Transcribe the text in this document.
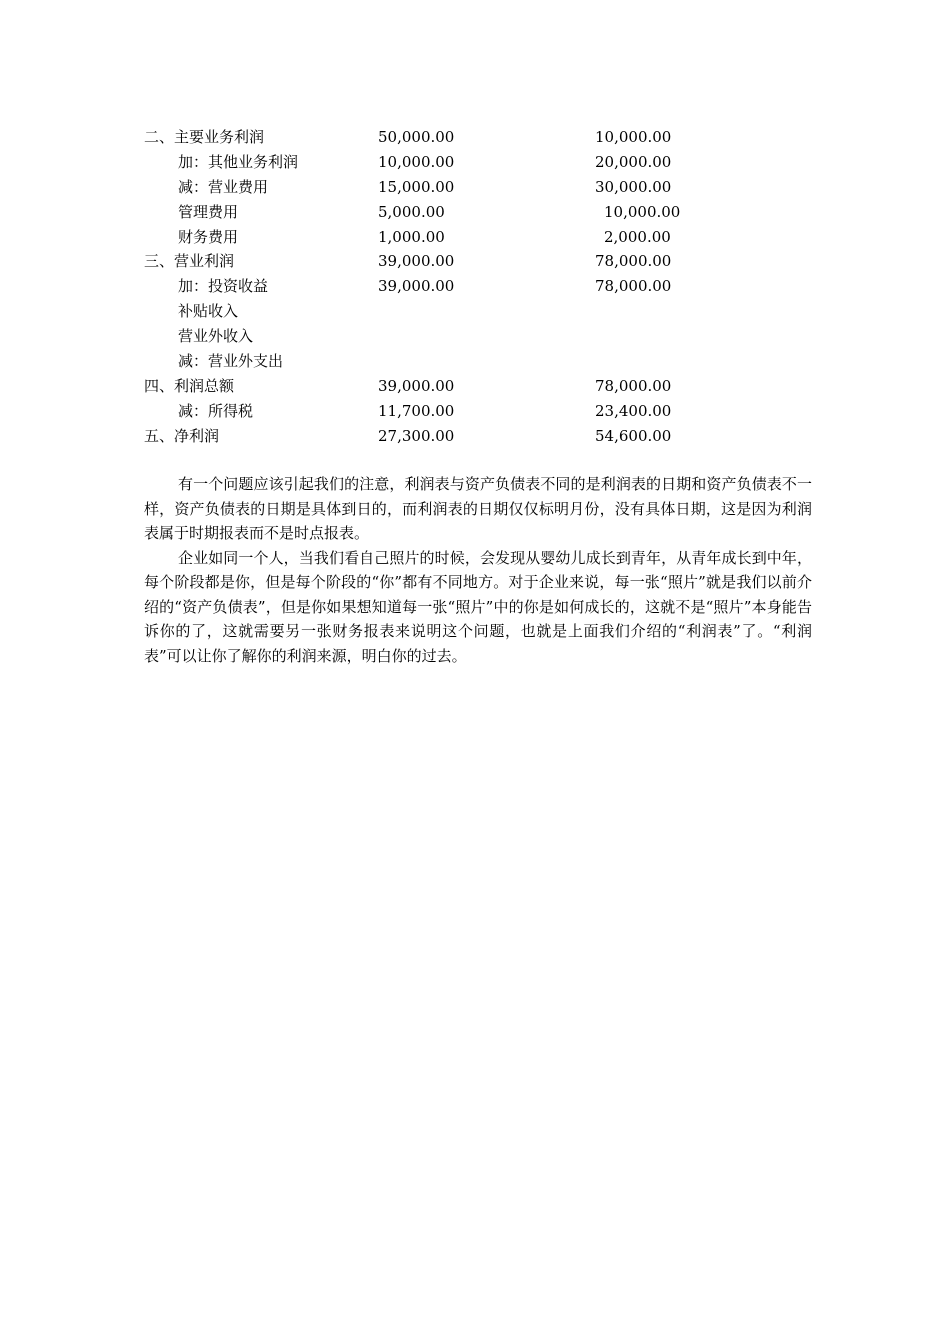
二、主要业务利润	50,000.00	10,000.00
加：其他业务利润	10,000.00	20,000.00
减：营业费用	15,000.00	30,000.00
管理费用	5,000.00	10,000.00
财务费用	1,000.00	2,000.00
三、营业利润	39,000.00	78,000.00
加：投资收益	39,000.00	78,000.00
补贴收入
营业外收入
减：营业外支出
四、利润总额	39,000.00	78,000.00
减：所得税	11,700.00	23,400.00
五、净利润	27,300.00	54,600.00

有一个问题应该引起我们的注意，利润表与资产负债表不同的是利润表的日期和资产负债表不一样，资产负债表的日期是具体到日的，而利润表的日期仅仅标明月份，没有具体日期，这是因为利润表属于时期报表而不是时点报表。

企业如同一个人，当我们看自己照片的时候，会发现从婴幼儿成长到青年，从青年成长到中年，每个阶段都是你，但是每个阶段的“你”都有不同地方。对于企业来说，每一张“照片”就是我们以前介绍的“资产负债表”，但是你如果想知道每一张“照片”中的你是如何成长的，这就不是“照片”本身能告诉你的了，这就需要另一张财务报表来说明这个问题，也就是上面我们介绍的“利润表”了。“利润表”可以让你了解你的利润来源，明白你的过去。
